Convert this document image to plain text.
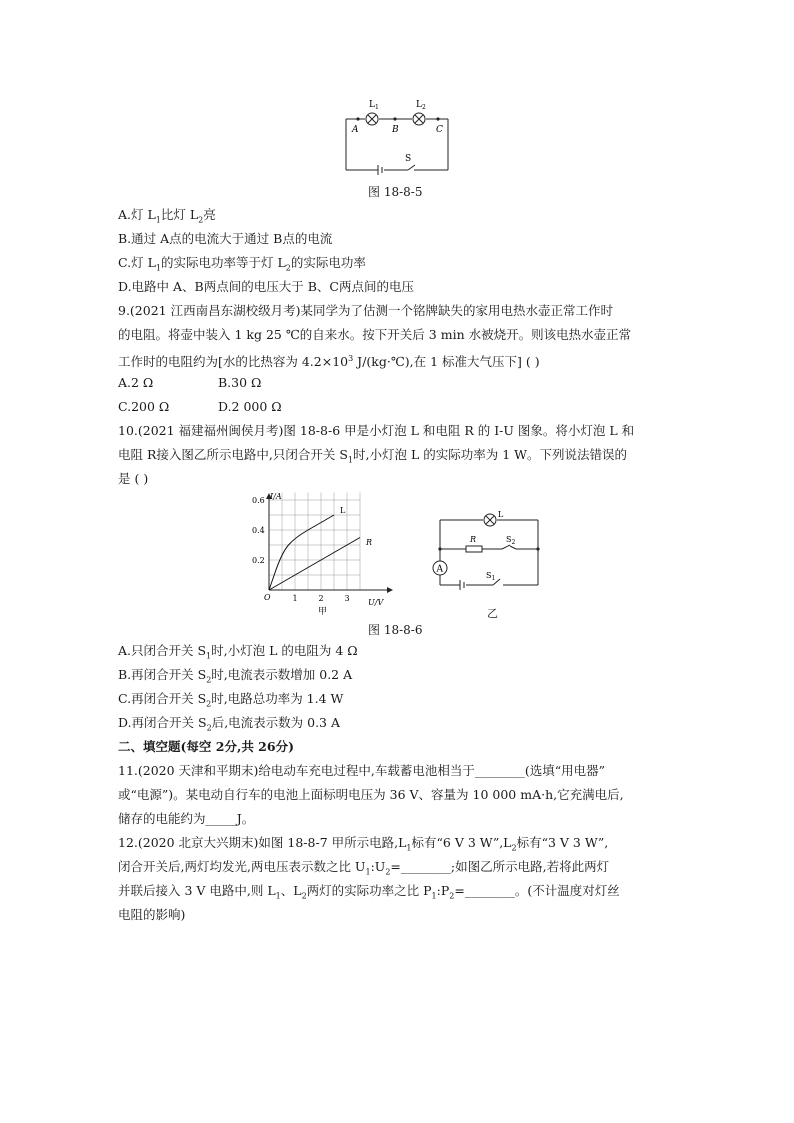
$L_1$	$L_2$
A	B	C
S
图 18-8-5
A.灯 $L_1$比灯 $L_2$亮
B.通过 A点的电流大于通过 B点的电流
C.灯 $L_1$的实际电功率等于灯 $L_2$的实际电功率
D.电路中 A、B两点间的电压大于 B、C两点间的电压
9.(2021 江西南昌东湖校级月考)某同学为了估测一个铭牌缺失的家用电热水壶正常工作时
的电阻。将壶中装入 1 kg 25 ℃的自来水。按下开关后 3 min 水被烧开。则该电热水壶正常
工作时的电阻约为[水的比热容为 $4.2\times 10^3$ J/(kg·℃),在 1 标准大气压下] ( )
A.2 Ω	B.30 Ω
C.200 Ω	D.2 000 Ω
10.(2021 福建福州闽侯月考)图 18-8-6 甲是小灯泡 L 和电阻 R 的 I-U 图象。将小灯泡 L 和
电阻 R接入图乙所示电路中,只闭合开关 $S_1$时,小灯泡 L 的实际功率为 1 W。下列说法错误的
是 ( )
1	2	3
0.2
0.4
0.6 I/A
U/V
O
L
R
甲
A
L
R	$S_2$
$S_1$
乙
图 18-8-6
A.只闭合开关 $S_1$时,小灯泡 L 的电阻为 4 Ω
B.再闭合开关 $S_2$时,电流表示数增加 0.2 A
C.再闭合开关 $S_2$时,电路总功率为 1.4 W
D.再闭合开关 $S_2$后,电流表示数为 0.3 A
二、填空题(每空 2分,共 26分)
11.(2020 天津和平期末)给电动车充电过程中,车载蓄电池相当于________(选填“用电器”
或“电源”)。某电动自行车的电池上面标明电压为 36 V、容量为 10 000 mA·h,它充满电后,
储存的电能约为_____J。
12.(2020 北京大兴期末)如图 18-8-7 甲所示电路$,L_1$标有“6 V 3 $W”,L_2$标有“3 V 3 W”,
闭合开关后,两灯均发光,两电压表示数之比 $U_1:U_2=\_\_\_\_\_\_\_\_$;如图乙所示电路,若将此两灯
并联后接入 3 V 电路中,则 $L_1$、$L_2$两灯的实际功率之比 $P_1:P_2=\_\_\_\_\_\_\_\_$。(不计温度对灯丝
电阻的影响)
